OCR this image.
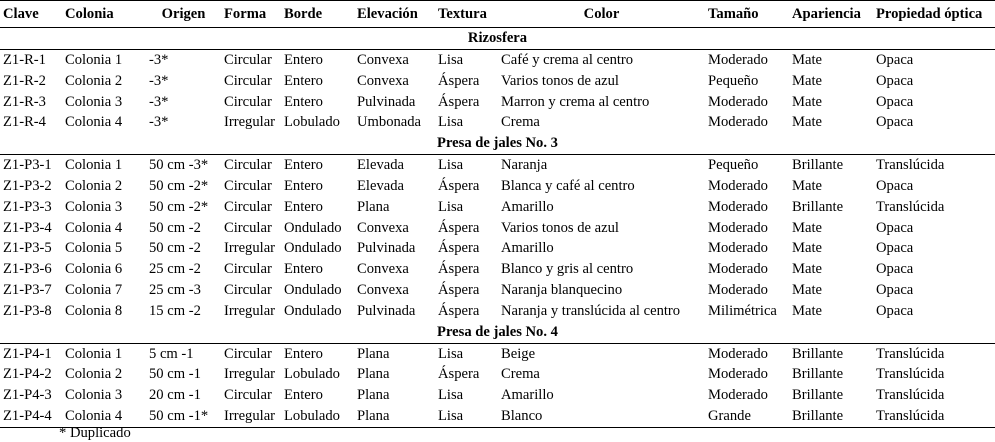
Clave	Colonia	Origen	Forma	Borde	Elevación	Textura	Color	Tamaño	Apariencia	Propiedad óptica
Rizosfera										
Z1-R-1	Colonia 1	-3*	Circular	Entero	Convexa	Lisa	Café y crema al centro	Moderado	Mate	Opaca
Z1-R-2	Colonia 2	-3*	Circular	Entero	Convexa	Áspera	Varios tonos de azul	Pequeño	Mate	Opaca
Z1-R-3	Colonia 3	-3*	Circular	Entero	Pulvinada	Áspera	Marron y crema al centro	Moderado	Mate	Opaca
Z1-R-4	Colonia 4	-3*	Irregular	Lobulado	Umbonada	Lisa	Crema	Moderado	Mate	Opaca
Presa de jales No. 3										
Z1-P3-1	Colonia 1	50 cm -3*	Circular	Entero	Elevada	Lisa	Naranja	Pequeño	Brillante	Translúcida
Z1-P3-2	Colonia 2	50 cm -2*	Circular	Entero	Elevada	Áspera	Blanca y café al centro	Moderado	Mate	Opaca
Z1-P3-3	Colonia 3	50 cm -2*	Circular	Entero	Plana	Lisa	Amarillo	Moderado	Brillante	Translúcida
Z1-P3-4	Colonia 4	50 cm -2	Circular	Ondulado	Convexa	Áspera	Varios tonos de azul	Moderado	Mate	Opaca
Z1-P3-5	Colonia 5	50 cm -2	Irregular	Ondulado	Pulvinada	Áspera	Amarillo	Moderado	Mate	Opaca
Z1-P3-6	Colonia 6	25 cm -2	Circular	Entero	Convexa	Áspera	Blanco y gris al centro	Moderado	Mate	Opaca
Z1-P3-7	Colonia 7	25 cm -3	Circular	Ondulado	Convexa	Áspera	Naranja blanquecino	Moderado	Mate	Opaca
Z1-P3-8	Colonia 8	15 cm -2	Irregular	Ondulado	Pulvinada	Áspera	Naranja y translúcida al centro	Milimétrica	Mate	Opaca
Presa de jales No. 4										
Z1-P4-1	Colonia 1	5 cm -1	Circular	Entero	Plana	Lisa	Beige	Moderado	Brillante	Translúcida
Z1-P4-2	Colonia 2	50 cm -1	Irregular	Lobulado	Plana	Áspera	Crema	Moderado	Brillante	Translúcida
Z1-P4-3	Colonia 3	20 cm -1	Circular	Entero	Plana	Lisa	Amarillo	Moderado	Brillante	Translúcida
Z1-P4-4	Colonia 4	50 cm -1*	Irregular	Lobulado	Plana	Lisa	Blanco	Grande	Brillante	Translúcida
* Duplicado
